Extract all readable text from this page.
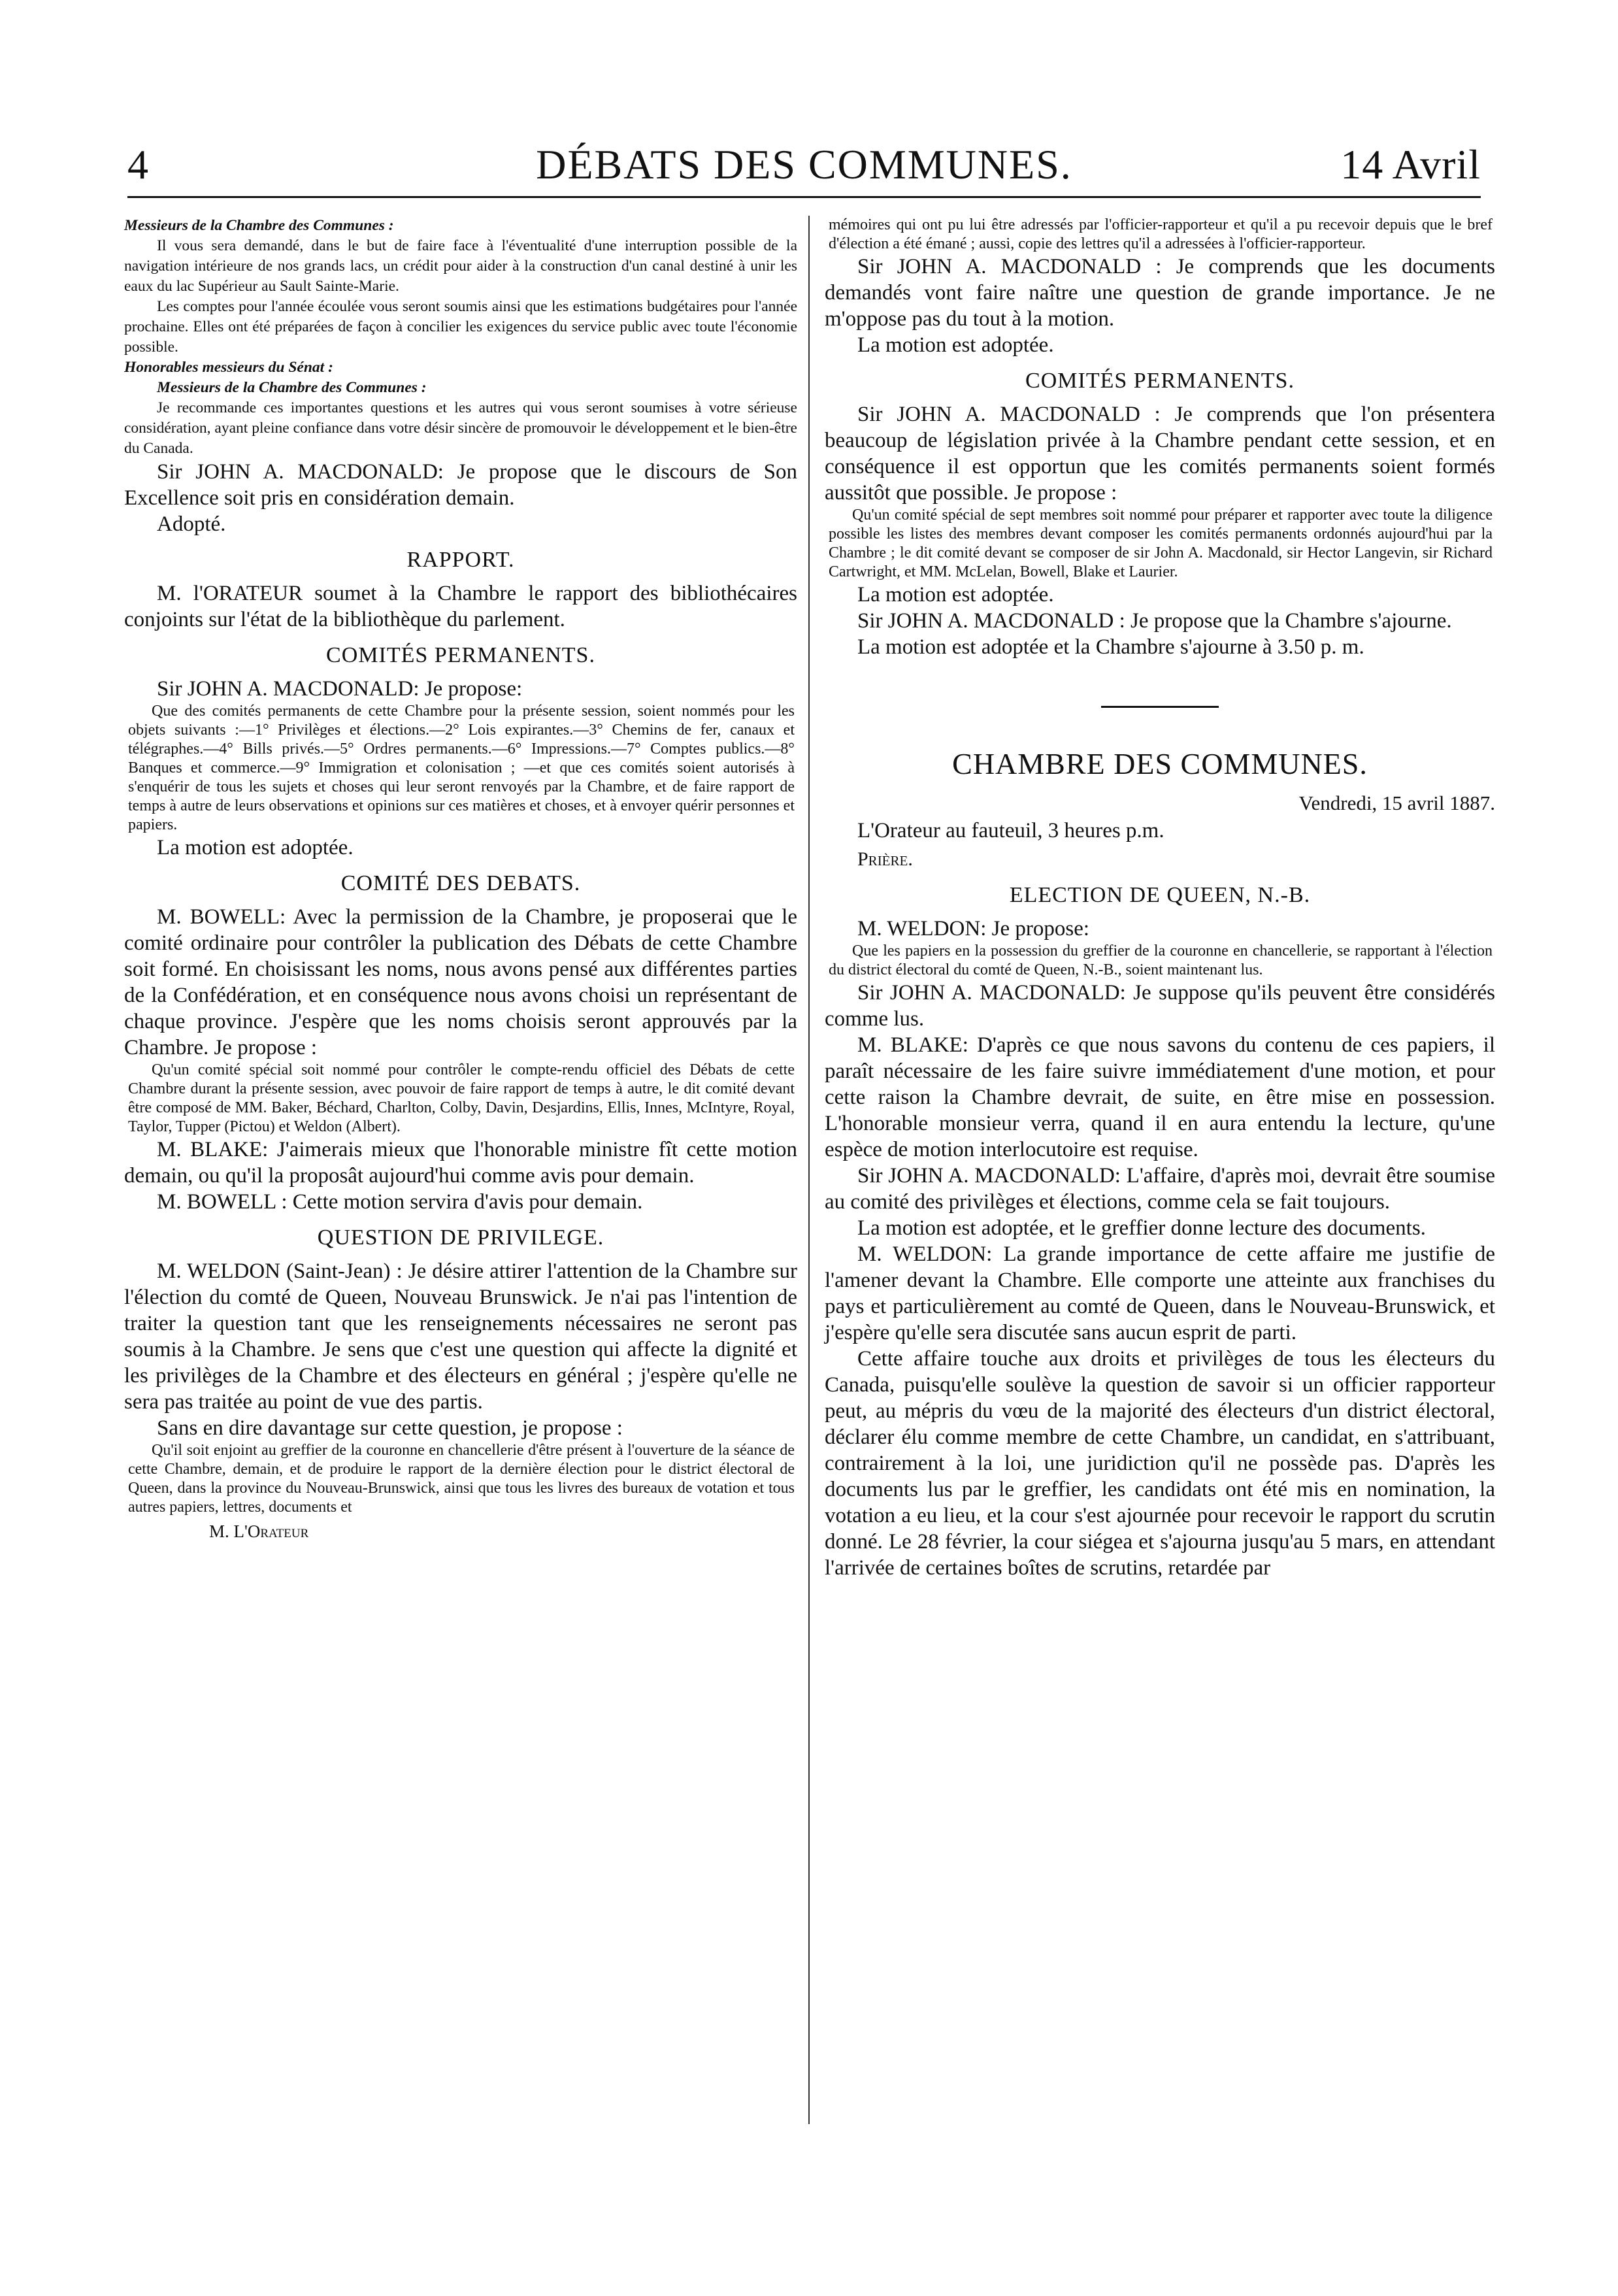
4	DÉBATS DES COMMUNES.	14 Avril

Messieurs de la Chambre des Communes :

Il vous sera demandé, dans le but de faire face à l'éventualité d'une interruption possible de la navigation intérieure de nos grands lacs, un crédit pour aider à la construction d'un canal destiné à unir les eaux du lac Supérieur au Sault Sainte-Marie.

Les comptes pour l'année écoulée vous seront soumis ainsi que les estimations budgétaires pour l'année prochaine. Elles ont été préparées de façon à concilier les exigences du service public avec toute l'économie possible.

Honorables messieurs du Sénat :

Messieurs de la Chambre des Communes :

Je recommande ces importantes questions et les autres qui vous seront soumises à votre sérieuse considération, ayant pleine confiance dans votre désir sincère de promouvoir le développement et le bien-être du Canada.

Sir JOHN A. MACDONALD: Je propose que le discours de Son Excellence soit pris en considération demain.

Adopté.

RAPPORT.

M. l'ORATEUR soumet à la Chambre le rapport des bibliothécaires conjoints sur l'état de la bibliothèque du parlement.

COMITÉS PERMANENTS.

Sir JOHN A. MACDONALD: Je propose:

Que des comités permanents de cette Chambre pour la présente session, soient nommés pour les objets suivants :—1° Privilèges et élections.—2° Lois expirantes.—3° Chemins de fer, canaux et télégraphes.—4° Bills privés.—5° Ordres permanents.—6° Impressions.—7° Comptes publics.—8° Banques et commerce.—9° Immigration et colonisation ; —et que ces comités soient autorisés à s'enquérir de tous les sujets et choses qui leur seront renvoyés par la Chambre, et de faire rapport de temps à autre de leurs observations et opinions sur ces matières et choses, et à envoyer quérir personnes et papiers.

La motion est adoptée.

COMITÉ DES DEBATS.

M. BOWELL: Avec la permission de la Chambre, je proposerai que le comité ordinaire pour contrôler la publication des Débats de cette Chambre soit formé. En choisissant les noms, nous avons pensé aux différentes parties de la Confédération, et en conséquence nous avons choisi un représentant de chaque province. J'espère que les noms choisis seront approuvés par la Chambre. Je propose :

Qu'un comité spécial soit nommé pour contrôler le compte-rendu officiel des Débats de cette Chambre durant la présente session, avec pouvoir de faire rapport de temps à autre, le dit comité devant être composé de MM. Baker, Béchard, Charlton, Colby, Davin, Desjardins, Ellis, Innes, McIntyre, Royal, Taylor, Tupper (Pictou) et Weldon (Albert).

M. BLAKE: J'aimerais mieux que l'honorable ministre fît cette motion demain, ou qu'il la proposât aujourd'hui comme avis pour demain.

M. BOWELL : Cette motion servira d'avis pour demain.

QUESTION DE PRIVILEGE.

M. WELDON (Saint-Jean) : Je désire attirer l'attention de la Chambre sur l'élection du comté de Queen, Nouveau Brunswick. Je n'ai pas l'intention de traiter la question tant que les renseignements nécessaires ne seront pas soumis à la Chambre. Je sens que c'est une question qui affecte la dignité et les privilèges de la Chambre et des électeurs en général ; j'espère qu'elle ne sera pas traitée au point de vue des partis.

Sans en dire davantage sur cette question, je propose :

Qu'il soit enjoint au greffier de la couronne en chancellerie d'être présent à l'ouverture de la séance de cette Chambre, demain, et de produire le rapport de la dernière élection pour le district électoral de Queen, dans la province du Nouveau-Brunswick, ainsi que tous les livres des bureaux de votation et tous autres papiers, lettres, documents et

M. L'Orateur

mémoires qui ont pu lui être adressés par l'officier-rapporteur et qu'il a pu recevoir depuis que le bref d'élection a été émané ; aussi, copie des lettres qu'il a adressées à l'officier-rapporteur.

Sir JOHN A. MACDONALD : Je comprends que les documents demandés vont faire naître une question de grande importance. Je ne m'oppose pas du tout à la motion.

La motion est adoptée.

COMITÉS PERMANENTS.

Sir JOHN A. MACDONALD : Je comprends que l'on présentera beaucoup de législation privée à la Chambre pendant cette session, et en conséquence il est opportun que les comités permanents soient formés aussitôt que possible. Je propose :

Qu'un comité spécial de sept membres soit nommé pour préparer et rapporter avec toute la diligence possible les listes des membres devant composer les comités permanents ordonnés aujourd'hui par la Chambre ; le dit comité devant se composer de sir John A. Macdonald, sir Hector Langevin, sir Richard Cartwright, et MM. McLelan, Bowell, Blake et Laurier.

La motion est adoptée.

Sir JOHN A. MACDONALD : Je propose que la Chambre s'ajourne.

La motion est adoptée et la Chambre s'ajourne à 3.50 p. m.

CHAMBRE DES COMMUNES.
Vendredi, 15 avril 1887.

L'Orateur au fauteuil, 3 heures p.m.

Prière.

ELECTION DE QUEEN, N.-B.

M. WELDON: Je propose:

Que les papiers en la possession du greffier de la couronne en chancellerie, se rapportant à l'élection du district électoral du comté de Queen, N.-B., soient maintenant lus.

Sir JOHN A. MACDONALD: Je suppose qu'ils peuvent être considérés comme lus.

M. BLAKE: D'après ce que nous savons du contenu de ces papiers, il paraît nécessaire de les faire suivre immédiatement d'une motion, et pour cette raison la Chambre devrait, de suite, en être mise en possession. L'honorable monsieur verra, quand il en aura entendu la lecture, qu'une espèce de motion interlocutoire est requise.

Sir JOHN A. MACDONALD: L'affaire, d'après moi, devrait être soumise au comité des privilèges et élections, comme cela se fait toujours.

La motion est adoptée, et le greffier donne lecture des documents.

M. WELDON: La grande importance de cette affaire me justifie de l'amener devant la Chambre. Elle comporte une atteinte aux franchises du pays et particulièrement au comté de Queen, dans le Nouveau-Brunswick, et j'espère qu'elle sera discutée sans aucun esprit de parti.

Cette affaire touche aux droits et privilèges de tous les électeurs du Canada, puisqu'elle soulève la question de savoir si un officier rapporteur peut, au mépris du vœu de la majorité des électeurs d'un district électoral, déclarer élu comme membre de cette Chambre, un candidat, en s'attribuant, contrairement à la loi, une juridiction qu'il ne possède pas. D'après les documents lus par le greffier, les candidats ont été mis en nomination, la votation a eu lieu, et la cour s'est ajournée pour recevoir le rapport du scrutin donné. Le 28 février, la cour siégea et s'ajourna jusqu'au 5 mars, en attendant l'arrivée de certaines boîtes de scrutins, retardée par
